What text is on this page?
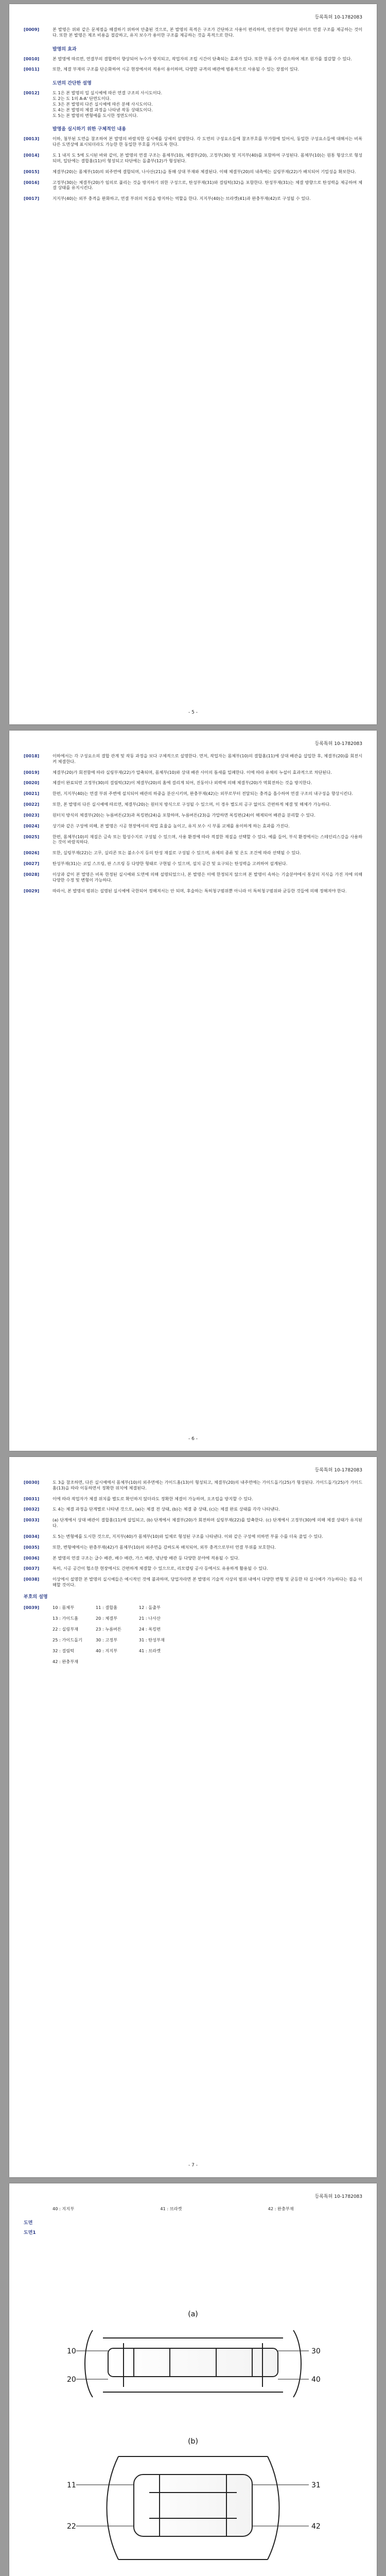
등록특허 10-1782083
[0009]	본 발명은 위와 같은 문제점을 해결하기 위하여 안출된 것으로, 본 발명의 목적은 구조가 간단하고 사용이 편리하며, 안전성이 향상된 파이프 연결 구조를 제공하는 것이다. 또한 본 발명은 제조 비용을 절감하고, 유지 보수가 용이한 구조를 제공하는 것을 목적으로 한다.
발명의 효과
[0010]	본 발명에 따르면, 연결부의 결합력이 향상되어 누수가 방지되고, 작업자의 조립 시간이 단축되는 효과가 있다. 또한 부품 수가 감소하여 제조 원가를 절감할 수 있다.
[0011]	또한, 체결 부재의 구조를 단순화하여 시공 현장에서의 적용이 용이하며, 다양한 규격의 배관에 범용적으로 사용될 수 있는 장점이 있다.
도면의 간단한 설명
[0012]	도 1은 본 발명의 일 실시예에 따른 연결 구조의 사시도이다.
도 2는 도 1의 A-A' 단면도이다.
도 3은 본 발명의 다른 실시예에 따른 분해 사시도이다.
도 4는 본 발명의 체결 과정을 나타낸 작동 상태도이다.
도 5는 본 발명의 변형예를 도시한 정면도이다.
발명을 실시하기 위한 구체적인 내용
[0013]	이하, 첨부된 도면을 참조하여 본 발명의 바람직한 실시예를 상세히 설명한다. 각 도면의 구성요소들에 참조부호를 부가함에 있어서, 동일한 구성요소들에 대해서는 비록 다른 도면상에 표시되더라도 가능한 한 동일한 부호를 가지도록 한다.
[0014]	도 1 내지 도 5에 도시된 바와 같이, 본 발명의 연결 구조는 몸체부(10), 체결부(20), 고정부(30) 및 지지부(40)를 포함하여 구성된다. 몸체부(10)는 원통 형상으로 형성되며, 일단에는 결합홈(11)이 형성되고 타단에는 돌출부(12)가 형성된다.
[0015]	체결부(20)는 몸체부(10)의 외주면에 결합되며, 나사산(21)을 통해 상대 부재와 체결된다. 이때 체결부(20)의 내측에는 실링부재(22)가 배치되어 기밀성을 확보한다.
[0016]	고정부(30)는 체결부(20)가 임의로 풀리는 것을 방지하기 위한 구성으로, 탄성부재(31)와 걸림턱(32)을 포함한다. 탄성부재(31)는 체결 방향으로 탄성력을 제공하여 체결 상태를 유지시킨다.
[0017]	지지부(40)는 외부 충격을 완화하고, 연결 부위의 처짐을 방지하는 역할을 한다. 지지부(40)는 브라켓(41)과 완충부재(42)로 구성될 수 있다.
- 5 -
등록특허 10-1782083
[0018]	이하에서는 각 구성요소의 결합 관계 및 작동 과정을 보다 구체적으로 설명한다. 먼저, 작업자는 몸체부(10)의 결합홈(11)에 상대 배관을 삽입한 후, 체결부(20)를 회전시켜 체결한다.
[0019]	체결부(20)가 회전함에 따라 실링부재(22)가 압축되며, 몸체부(10)와 상대 배관 사이의 틈새를 밀폐한다. 이에 따라 유체의 누설이 효과적으로 차단된다.
[0020]	체결이 완료되면 고정부(30)의 걸림턱(32)이 체결부(20)의 홈에 걸리게 되어, 진동이나 외력에 의해 체결부(20)가 역회전하는 것을 방지한다.
[0021]	한편, 지지부(40)는 연결 부위 주변에 설치되어 배관의 하중을 분산시키며, 완충부재(42)는 외부로부터 전달되는 충격을 흡수하여 연결 구조의 내구성을 향상시킨다.
[0022]	또한, 본 발명의 다른 실시예에 따르면, 체결부(20)는 원터치 방식으로 구성될 수 있으며, 이 경우 별도의 공구 없이도 간편하게 체결 및 해체가 가능하다.
[0023]	원터치 방식의 체결부(20)는 누름버튼(23)과 록킹편(24)을 포함하며, 누름버튼(23)을 가압하면 록킹편(24)이 해제되어 배관을 분리할 수 있다.
[0024]	상기와 같은 구성에 의해, 본 발명은 시공 현장에서의 작업 효율을 높이고, 유지 보수 시 부품 교체를 용이하게 하는 효과를 가진다.
[0025]	한편, 몸체부(10)의 재질은 금속 또는 합성수지로 구성될 수 있으며, 사용 환경에 따라 적절한 재질을 선택할 수 있다. 예를 들어, 부식 환경에서는 스테인리스강을 사용하는 것이 바람직하다.
[0026]	또한, 실링부재(22)는 고무, 실리콘 또는 불소수지 등의 탄성 재질로 구성될 수 있으며, 유체의 종류 및 온도 조건에 따라 선택될 수 있다.
[0027]	탄성부재(31)는 코일 스프링, 판 스프링 등 다양한 형태로 구현될 수 있으며, 설치 공간 및 요구되는 탄성력을 고려하여 설계된다.
[0028]	이상과 같이 본 발명은 비록 한정된 실시예와 도면에 의해 설명되었으나, 본 발명은 이에 한정되지 않으며 본 발명이 속하는 기술분야에서 통상의 지식을 가진 자에 의해 다양한 수정 및 변형이 가능하다.
[0029]	따라서, 본 발명의 범위는 설명된 실시예에 국한되어 정해져서는 안 되며, 후술하는 특허청구범위뿐 아니라 이 특허청구범위와 균등한 것들에 의해 정해져야 한다.
- 6 -
등록특허 10-1782083
[0030]	도 3을 참조하면, 다른 실시예에서 몸체부(10)의 외주면에는 가이드홈(13)이 형성되고, 체결부(20)의 내주면에는 가이드돌기(25)가 형성된다. 가이드돌기(25)가 가이드홈(13)을 따라 이동하면서 정확한 위치에 체결된다.
[0031]	이에 따라 작업자가 체결 위치를 별도로 확인하지 않더라도 정확한 체결이 가능하며, 오조립을 방지할 수 있다.
[0032]	도 4는 체결 과정을 단계별로 나타낸 것으로, (a)는 체결 전 상태, (b)는 체결 중 상태, (c)는 체결 완료 상태를 각각 나타낸다.
[0033]	(a) 단계에서 상대 배관이 결합홈(11)에 삽입되고, (b) 단계에서 체결부(20)가 회전하며 실링부재(22)를 압축한다. (c) 단계에서 고정부(30)에 의해 체결 상태가 유지된다.
[0034]	도 5는 변형예를 도시한 것으로, 지지부(40)가 몸체부(10)와 일체로 형성된 구조를 나타낸다. 이와 같은 구성에 의하면 부품 수를 더욱 줄일 수 있다.
[0035]	또한, 변형예에서는 완충부재(42)가 몸체부(10)의 외주면을 감싸도록 배치되어, 외부 충격으로부터 연결 부위를 보호한다.
[0036]	본 발명의 연결 구조는 급수 배관, 배수 배관, 가스 배관, 냉난방 배관 등 다양한 분야에 적용될 수 있다.
[0037]	특히, 시공 공간이 협소한 현장에서도 간편하게 체결할 수 있으므로, 리모델링 공사 등에서도 유용하게 활용될 수 있다.
[0038]	이상에서 설명한 본 발명의 실시예들은 예시적인 것에 불과하며, 당업자라면 본 발명의 기술적 사상의 범위 내에서 다양한 변형 및 균등한 타 실시예가 가능하다는 점을 이해할 것이다.
부호의 설명
[0039]	10 : 몸체부	11 : 결합홈	12 : 돌출부
13 : 가이드홈	20 : 체결부	21 : 나사산
22 : 실링부재	23 : 누름버튼	24 : 록킹편
25 : 가이드돌기	30 : 고정부	31 : 탄성부재
32 : 걸림턱	40 : 지지부	41 : 브라켓
42 : 완충부재
- 7 -
등록특허 10-1782083
40 : 지지부	41 : 브라켓	42 : 완충부재
도면
도면1
(a)
(b)
10
20
30
40
11
22
31
42
